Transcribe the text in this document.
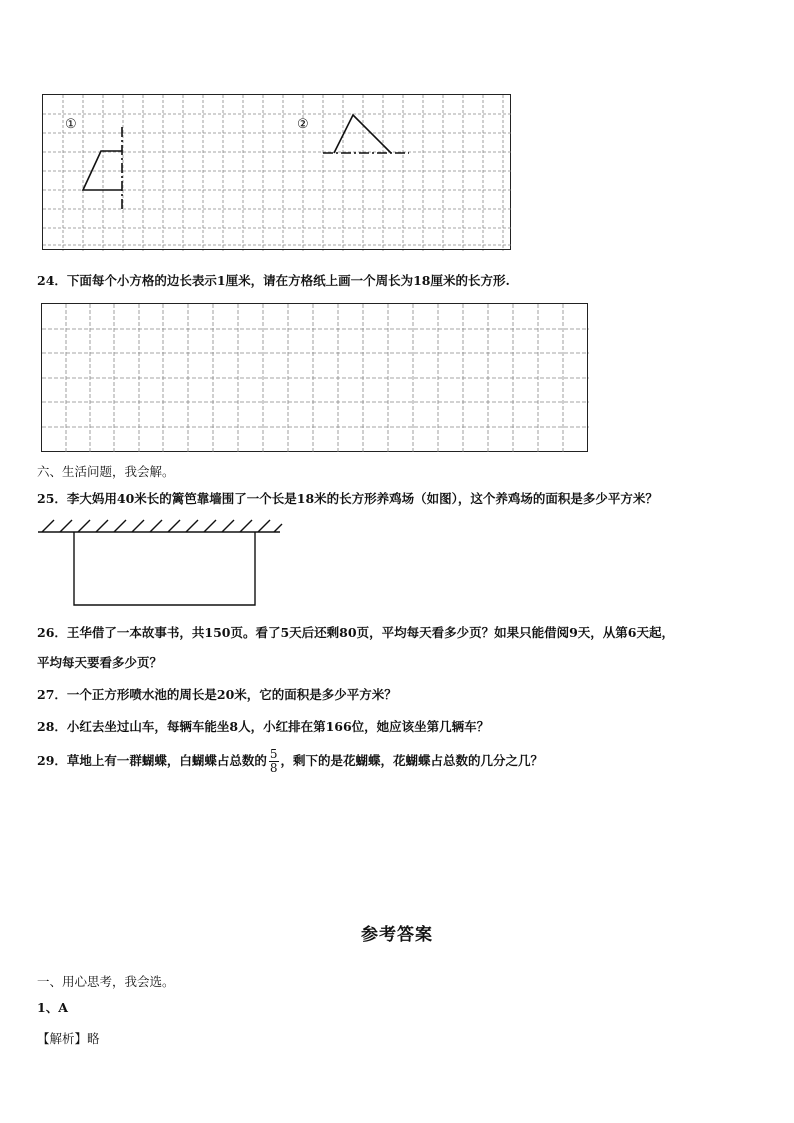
①	②
24．下面每个小方格的边长表示1厘米，请在方格纸上画一个周长为18厘米的长方形.
六、生活问题，我会解。
25．李大妈用40米长的篱笆靠墙围了一个长是18米的长方形养鸡场（如图），这个养鸡场的面积是多少平方米？
26．王华借了一本故事书，共150页。看了5天后还剩80页，平均每天看多少页？如果只能借阅9天，从第6天起，
平均每天要看多少页？
27．一个正方形喷水池的周长是20米，它的面积是多少平方米？
28．小红去坐过山车，每辆车能坐8人，小红排在第166位，她应该坐第几辆车？
29．草地上有一群蝴蝶，白蝴蝶占总数的 $\frac{5}{8}$ ，剩下的是花蝴蝶，花蝴蝶占总数的几分之几？
参考答案
一、用心思考，我会选。
1、A
【解析】略
